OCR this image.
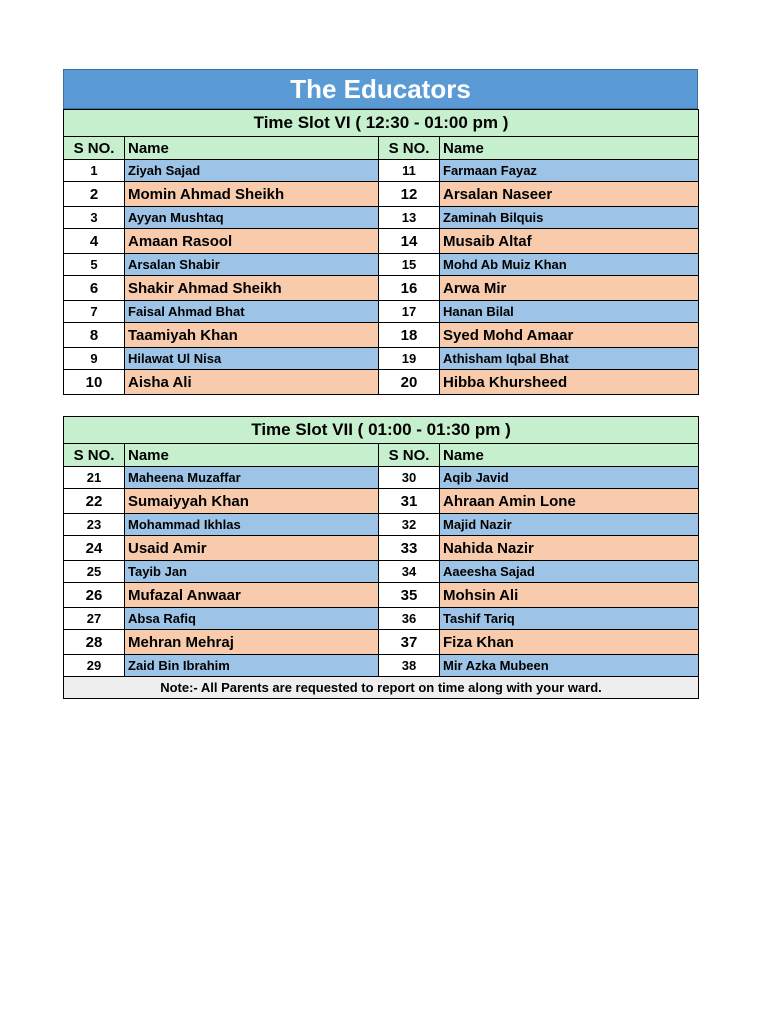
The Educators
Time Slot VI ( 12:30 - 01:00 pm )			
S NO.	Name	S NO.	Name
1	Ziyah Sajad	11	Farmaan Fayaz
2	Momin Ahmad Sheikh	12	Arsalan Naseer
3	Ayyan Mushtaq	13	Zaminah Bilquis
4	Amaan Rasool	14	Musaib Altaf
5	Arsalan Shabir	15	Mohd Ab Muiz Khan
6	Shakir Ahmad Sheikh	16	Arwa Mir
7	Faisal Ahmad Bhat	17	Hanan Bilal
8	Taamiyah Khan	18	Syed Mohd Amaar
9	Hilawat Ul Nisa	19	Athisham Iqbal Bhat
10	Aisha Ali	20	Hibba Khursheed
Time Slot VII ( 01:00 - 01:30 pm )			
S NO.	Name	S NO.	Name
21	Maheena Muzaffar	30	Aqib Javid
22	Sumaiyyah Khan	31	Ahraan Amin Lone
23	Mohammad Ikhlas	32	Majid Nazir
24	Usaid Amir	33	Nahida Nazir
25	Tayib Jan	34	Aaeesha Sajad
26	Mufazal Anwaar	35	Mohsin Ali
27	Absa Rafiq	36	Tashif Tariq
28	Mehran Mehraj	37	Fiza Khan
29	Zaid Bin Ibrahim	38	Mir Azka Mubeen
Note:- All Parents are requested to report on time along with your ward.			
